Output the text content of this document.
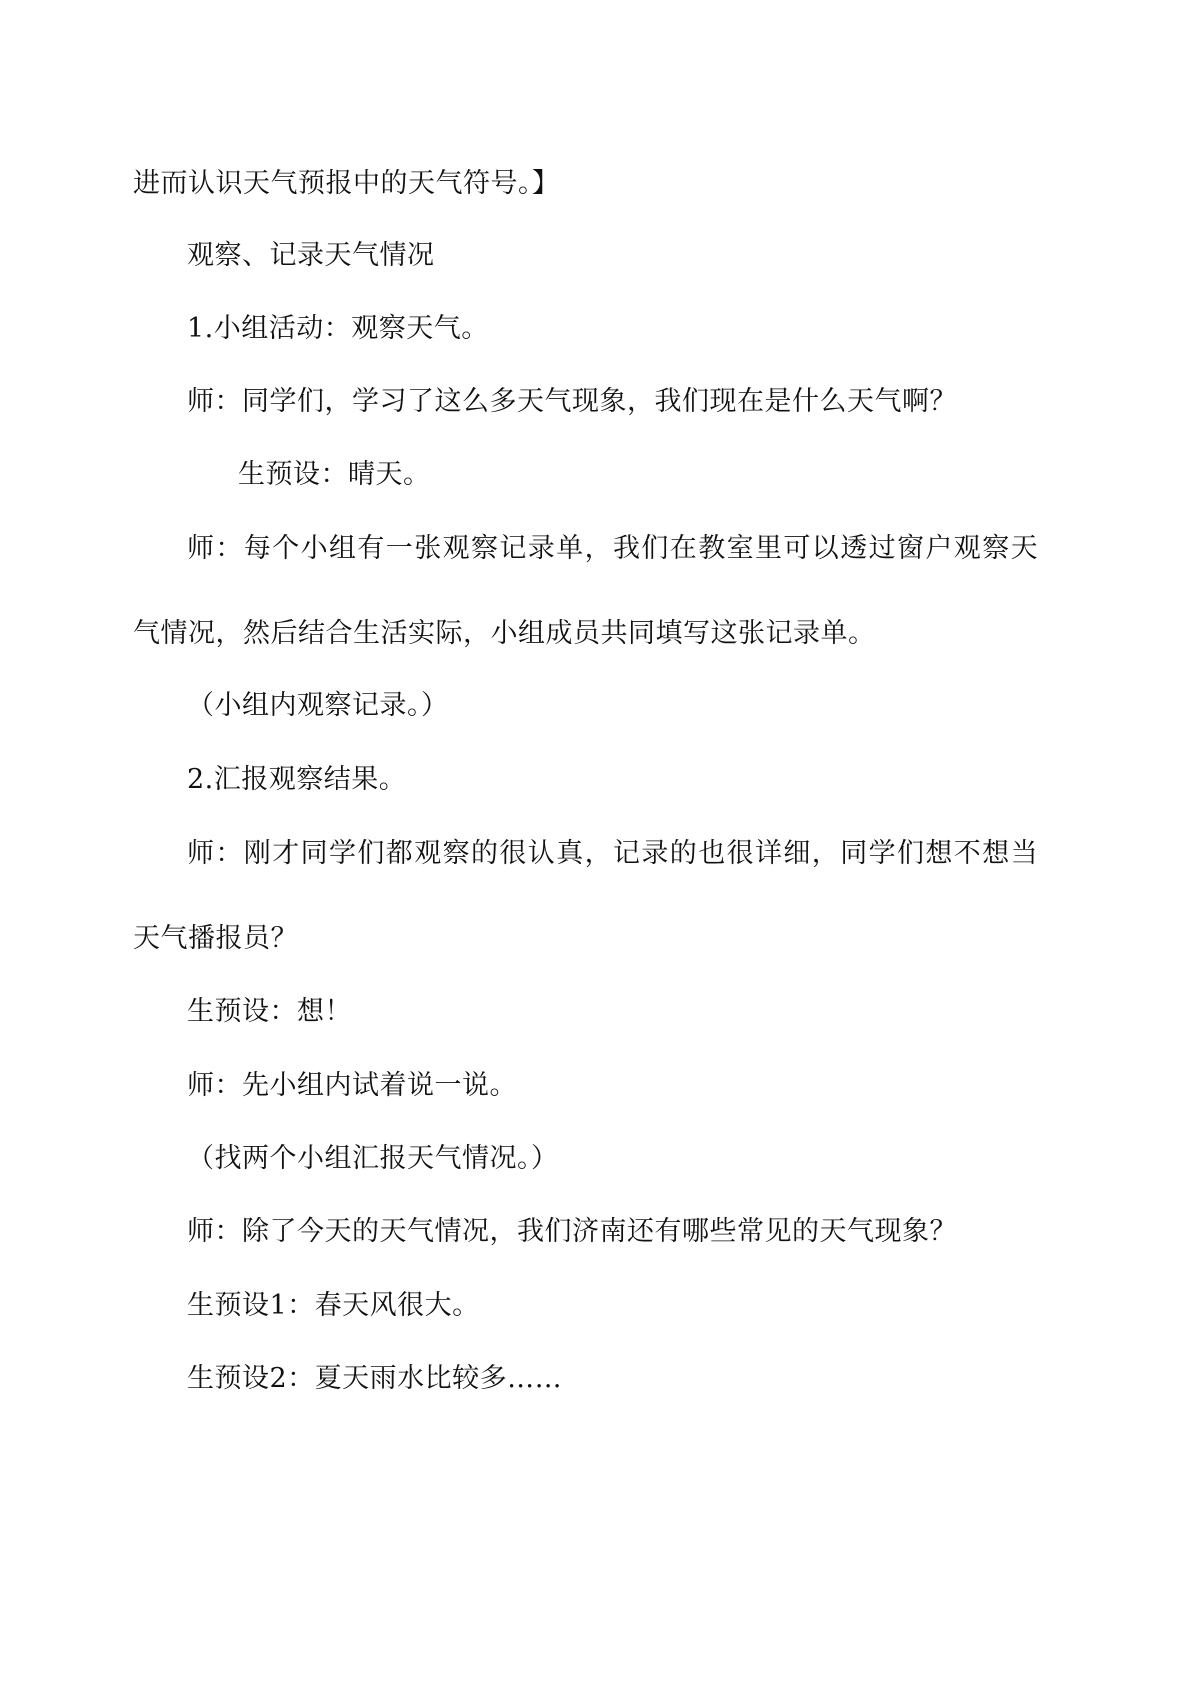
进而认识天气预报中的天气符号。】
观察、记录天气情况
1.小组活动：观察天气。
师：同学们，学习了这么多天气现象，我们现在是什么天气啊？
生预设：晴天。
师：每个小组有一张观察记录单，我们在教室里可以透过窗户观察天
气情况，然后结合生活实际，小组成员共同填写这张记录单。
（小组内观察记录。）
2.汇报观察结果。
师：刚才同学们都观察的很认真，记录的也很详细，同学们想不想当
天气播报员？
生预设：想！
师：先小组内试着说一说。
（找两个小组汇报天气情况。）
师：除了今天的天气情况，我们济南还有哪些常见的天气现象？
生预设1：春天风很大。
生预设2：夏天雨水比较多……
